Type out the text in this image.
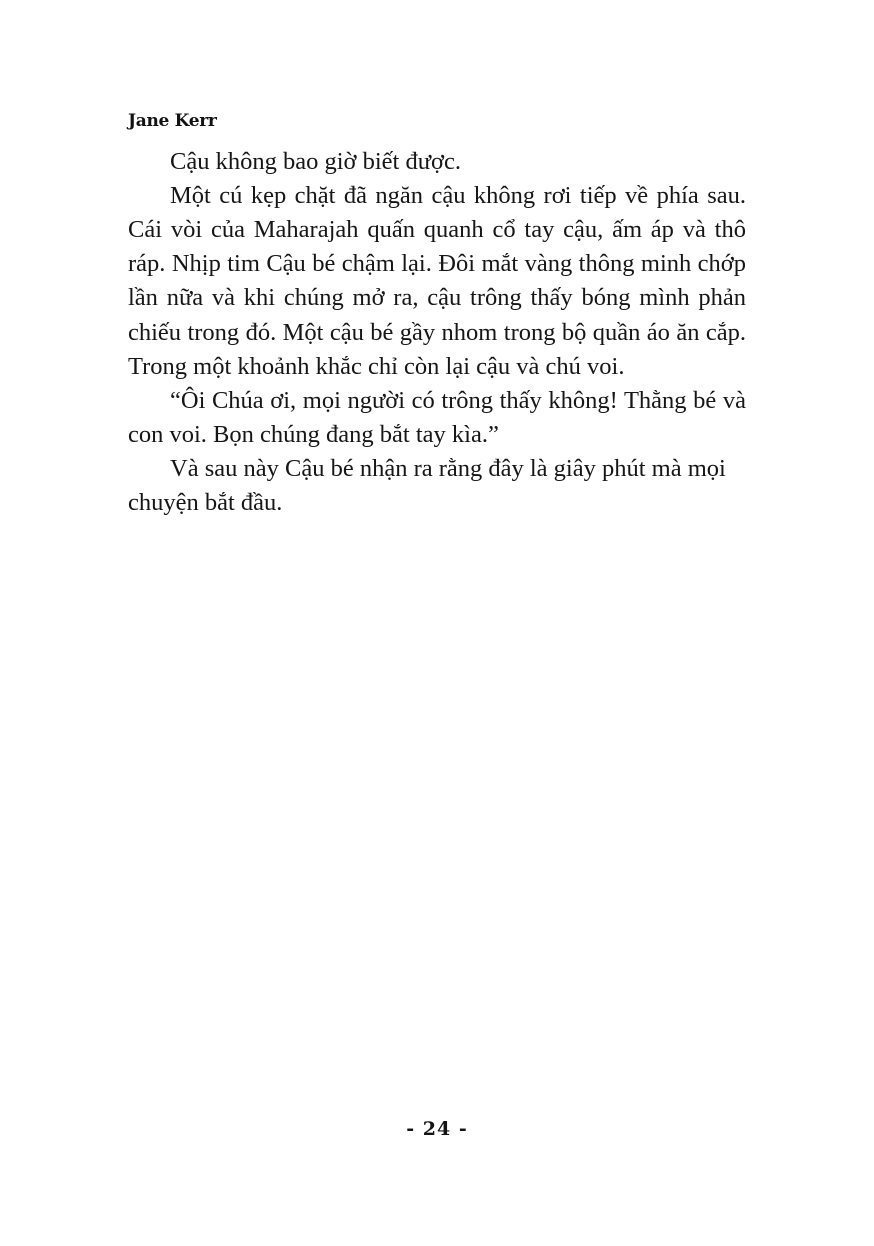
Jane Kerr

Cậu không bao giờ biết được.

Một cú kẹp chặt đã ngăn cậu không rơi tiếp về phía sau. Cái vòi của Maharajah quấn quanh cổ tay cậu, ấm áp và thô ráp. Nhịp tim Cậu bé chậm lại. Đôi mắt vàng thông minh chớp lần nữa và khi chúng mở ra, cậu trông thấy bóng mình phản chiếu trong đó. Một cậu bé gầy nhom trong bộ quần áo ăn cắp. Trong một khoảnh khắc chỉ còn lại cậu và chú voi.

“Ôi Chúa ơi, mọi người có trông thấy không! Thằng bé và con voi. Bọn chúng đang bắt tay kìa.”

Và sau này Cậu bé nhận ra rằng đây là giây phút mà mọi chuyện bắt đầu.

- 24 -
